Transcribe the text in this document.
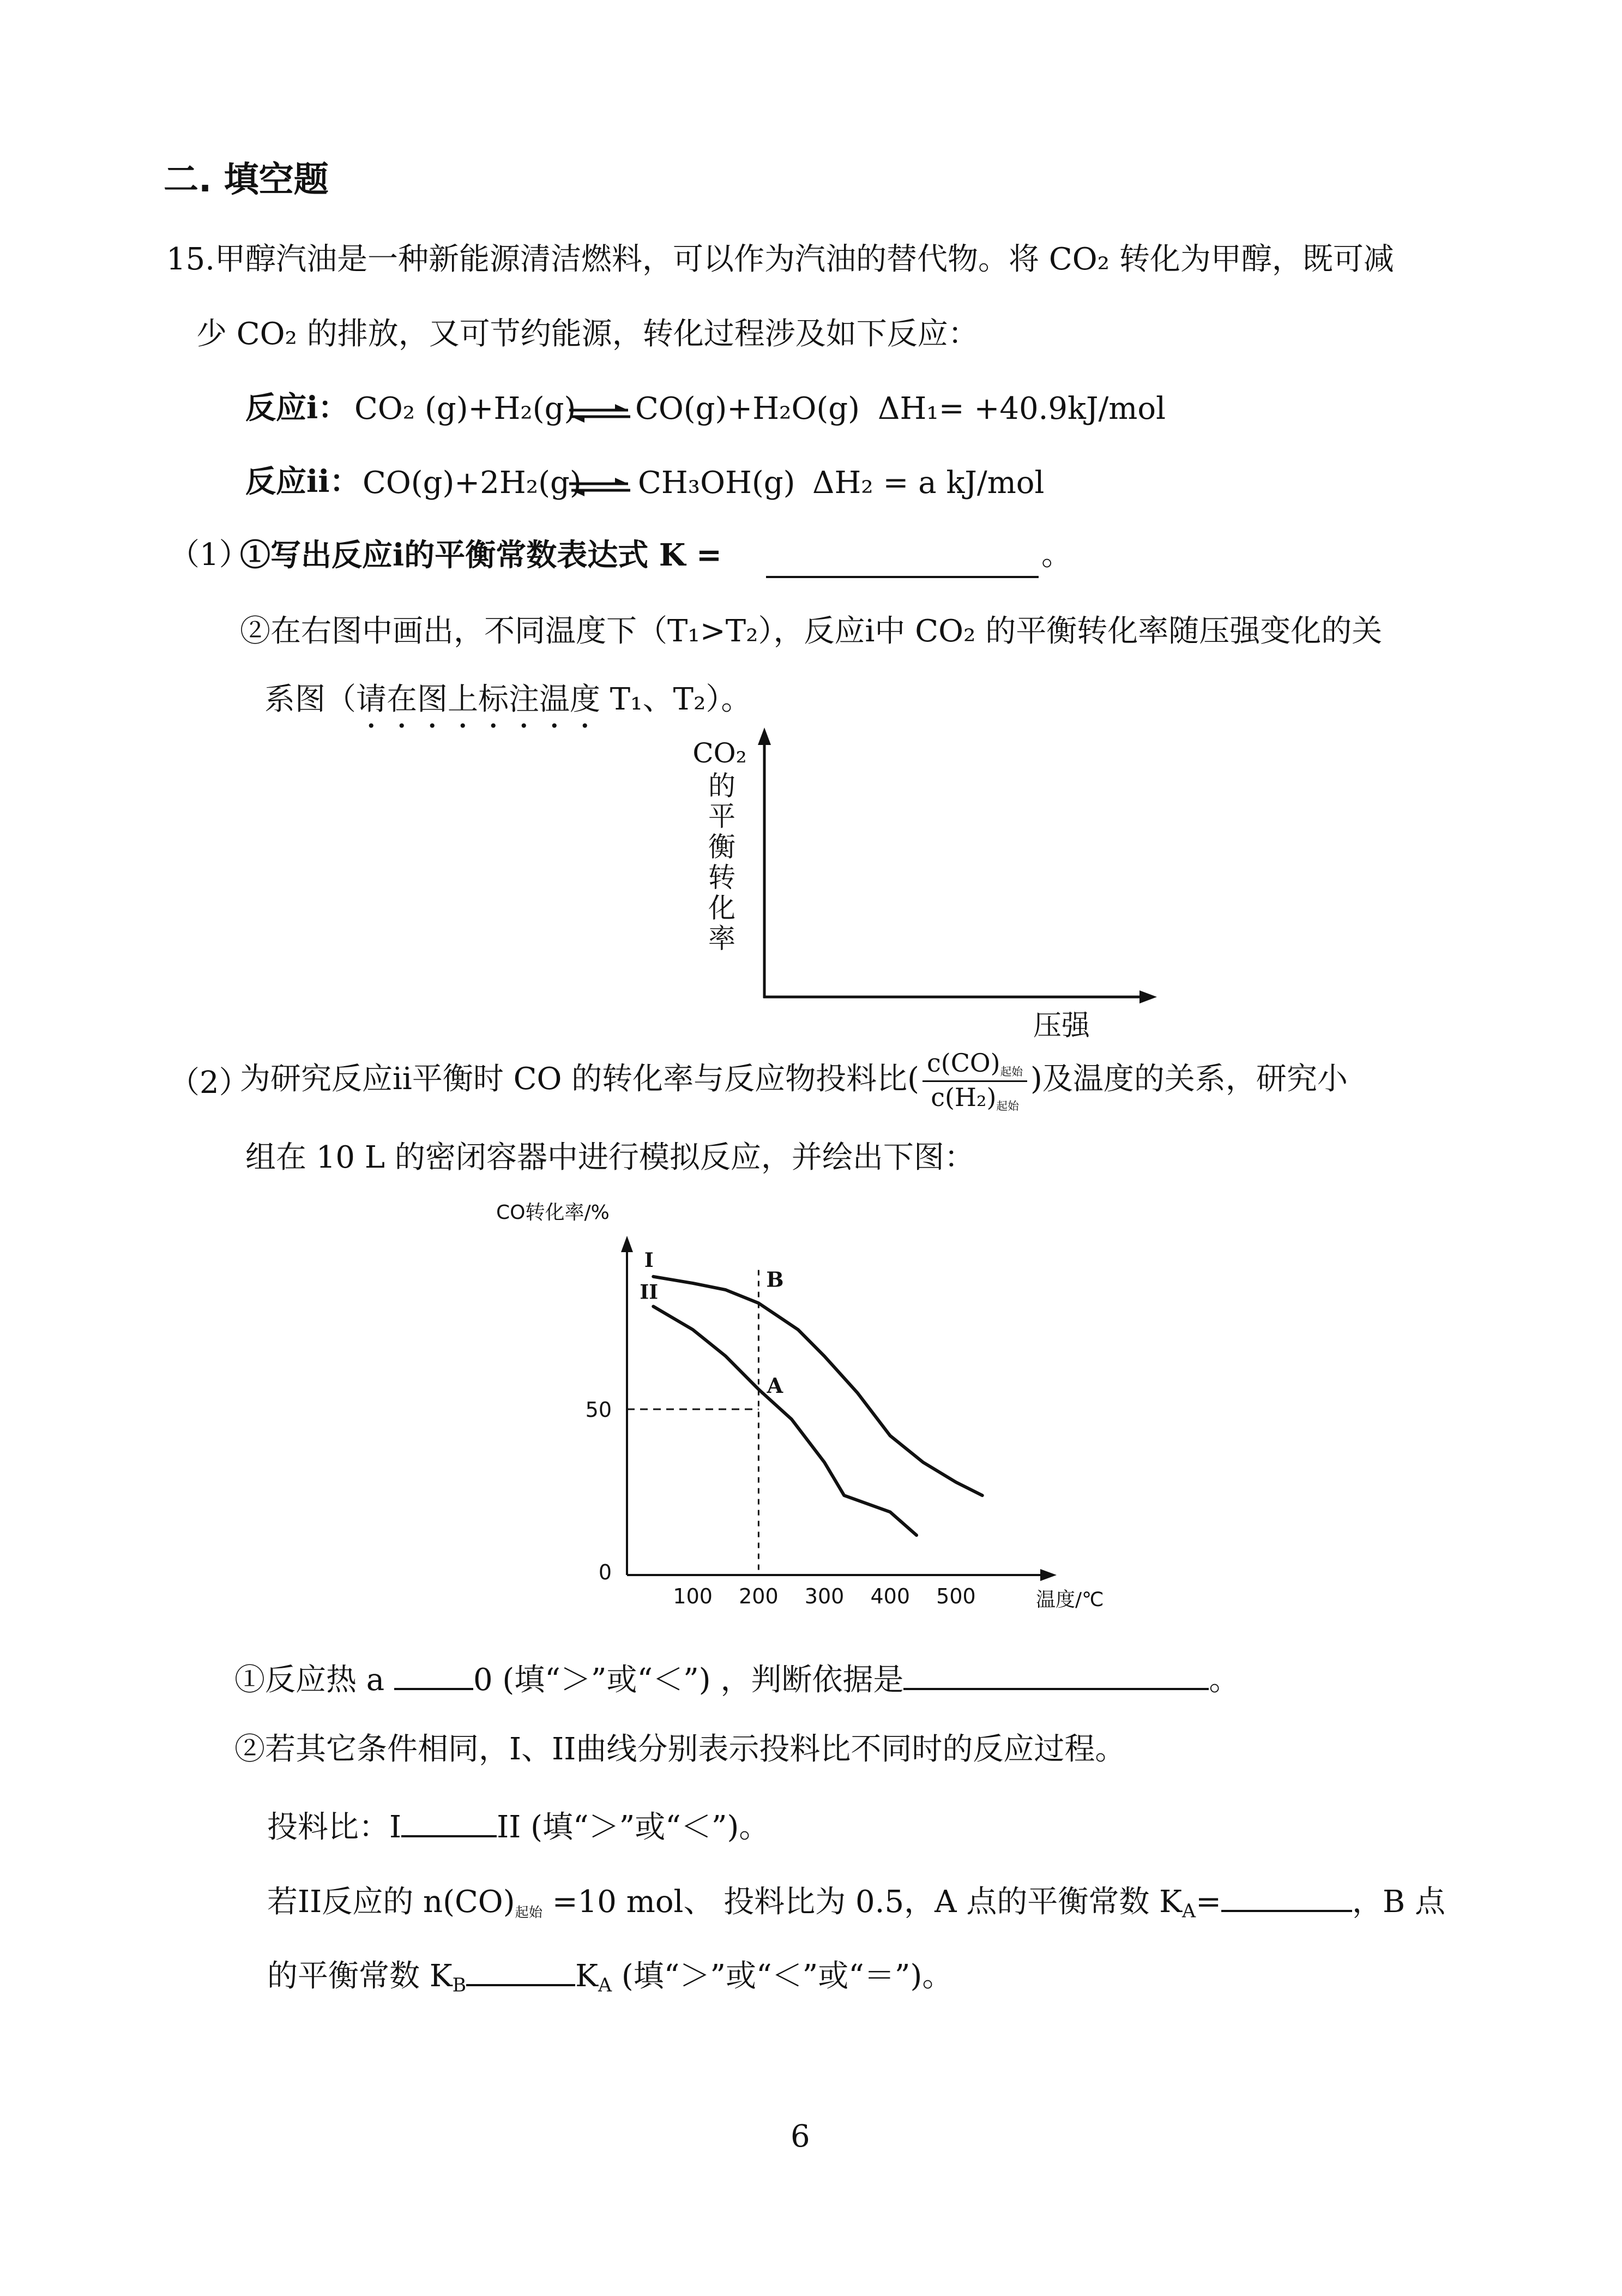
二. 填空题
15.甲醇汽油是一种新能源清洁燃料，可以作为汽油的替代物。将 CO₂ 转化为甲醇，既可减
少 CO₂ 的排放，又可节约能源，转化过程涉及如下反应：
反应i： CO₂ (g)+H₂(g) CO(g)+H₂O(g) ΔH₁= +40.9kJ/mol
反应ii： CO(g)+2H₂(g) CH₃OH(g) ΔH₂ = a kJ/mol
（1）
①写出反应i的平衡常数表达式 K =	。
②在右图中画出，不同温度下（T₁>T₂），反应i中 CO₂ 的平衡转化率随压强变化的关
系图（请在图上标注温度 T₁、T₂）。
CO₂
的平衡转化率
压强
（2）
为研究反应ii平衡时 CO 的转化率与反应物投料比( $\frac{\text{c(CO)起始}}{\text{c(H₂)起始}}$ )及温度的关系，研究小
组在 10 L 的密闭容器中进行模拟反应，并绘出下图：
CO转化率/%
100 200 300 400 500
0
50
I
II
A
B
温度/℃
①反应热 a	0 (填“＞”或“＜”) ，判断依据是	。
②若其它条件相同，I、II曲线分别表示投料比不同时的反应过程。
投料比：I	II (填“＞”或“＜”)。
若II反应的 n(CO)起始 =10 mol、 投料比为 0.5，A 点的平衡常数 $K_A=$	，B 点
的平衡常数 $K_B$	$K_A$ (填“＞”或“＜”或“＝”)。
6
